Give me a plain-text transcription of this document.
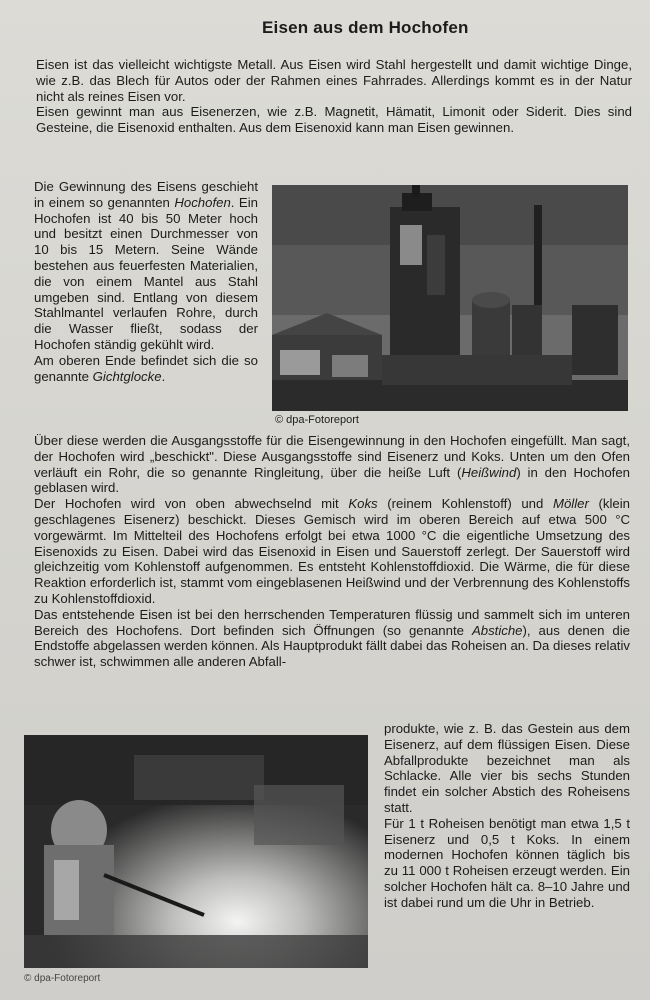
Eisen aus dem Hochofen

Eisen ist das vielleicht wichtigste Metall. Aus Eisen wird Stahl hergestellt und damit wichtige Dinge, wie z.B. das Blech für Autos oder der Rahmen eines Fahrrades. Allerdings kommt es in der Natur nicht als reines Eisen vor.

Eisen gewinnt man aus Eisenerzen, wie z.B. Magnetit, Hämatit, Limonit oder Siderit. Dies sind Gesteine, die Eisenoxid enthalten. Aus dem Eisenoxid kann man Eisen gewinnen.

Die Gewinnung des Eisens geschieht in einem so genannten Hochofen. Ein Hochofen ist 40 bis 50 Meter hoch und besitzt einen Durchmesser von 10 bis 15 Metern. Seine Wände bestehen aus feuerfesten Materialien, die von einem Mantel aus Stahl umgeben sind. Entlang von diesem Stahlmantel verlaufen Rohre, durch die Wasser fließt, sodass der Hochofen ständig gekühlt wird.

Am oberen Ende befindet sich die so genannte Gichtglocke.

© dpa-Fotoreport

Über diese werden die Ausgangsstoffe für die Eisengewinnung in den Hochofen eingefüllt. Man sagt, der Hochofen wird „beschickt". Diese Ausgangsstoffe sind Eisenerz und Koks. Unten um den Ofen verläuft ein Rohr, die so genannte Ringleitung, über die heiße Luft (Heißwind) in den Hochofen geblasen wird.

Der Hochofen wird von oben abwechselnd mit Koks (reinem Kohlenstoff) und Möller (klein geschlagenes Eisenerz) beschickt. Dieses Gemisch wird im oberen Bereich auf etwa 500 °C vorgewärmt. Im Mittelteil des Hochofens erfolgt bei etwa 1000 °C die eigentliche Umsetzung des Eisenoxids zu Eisen. Dabei wird das Eisenoxid in Eisen und Sauerstoff zerlegt. Der Sauerstoff wird gleichzeitig vom Kohlenstoff aufgenommen. Es entsteht Kohlenstoffdioxid. Die Wärme, die für diese Reaktion erforderlich ist, stammt vom eingeblasenen Heißwind und der Verbrennung des Kohlenstoffs zu Kohlenstoffdioxid.

Das entstehende Eisen ist bei den herrschenden Temperaturen flüssig und sammelt sich im unteren Bereich des Hochofens. Dort befinden sich Öffnungen (so genannte Abstiche), aus denen die Endstoffe abgelassen werden können. Als Hauptprodukt fällt dabei das Roheisen an. Da dieses relativ schwer ist, schwimmen alle anderen Abfall-

© dpa-Fotoreport

produkte, wie z. B. das Gestein aus dem Eisenerz, auf dem flüssigen Eisen. Diese Abfallprodukte bezeichnet man als Schlacke. Alle vier bis sechs Stunden findet ein solcher Abstich des Roheisens statt.

Für 1 t Roheisen benötigt man etwa 1,5 t Eisenerz und 0,5 t Koks. In einem modernen Hochofen können täglich bis zu 11 000 t Roheisen erzeugt werden. Ein solcher Hochofen hält ca. 8–10 Jahre und ist dabei rund um die Uhr in Betrieb.
